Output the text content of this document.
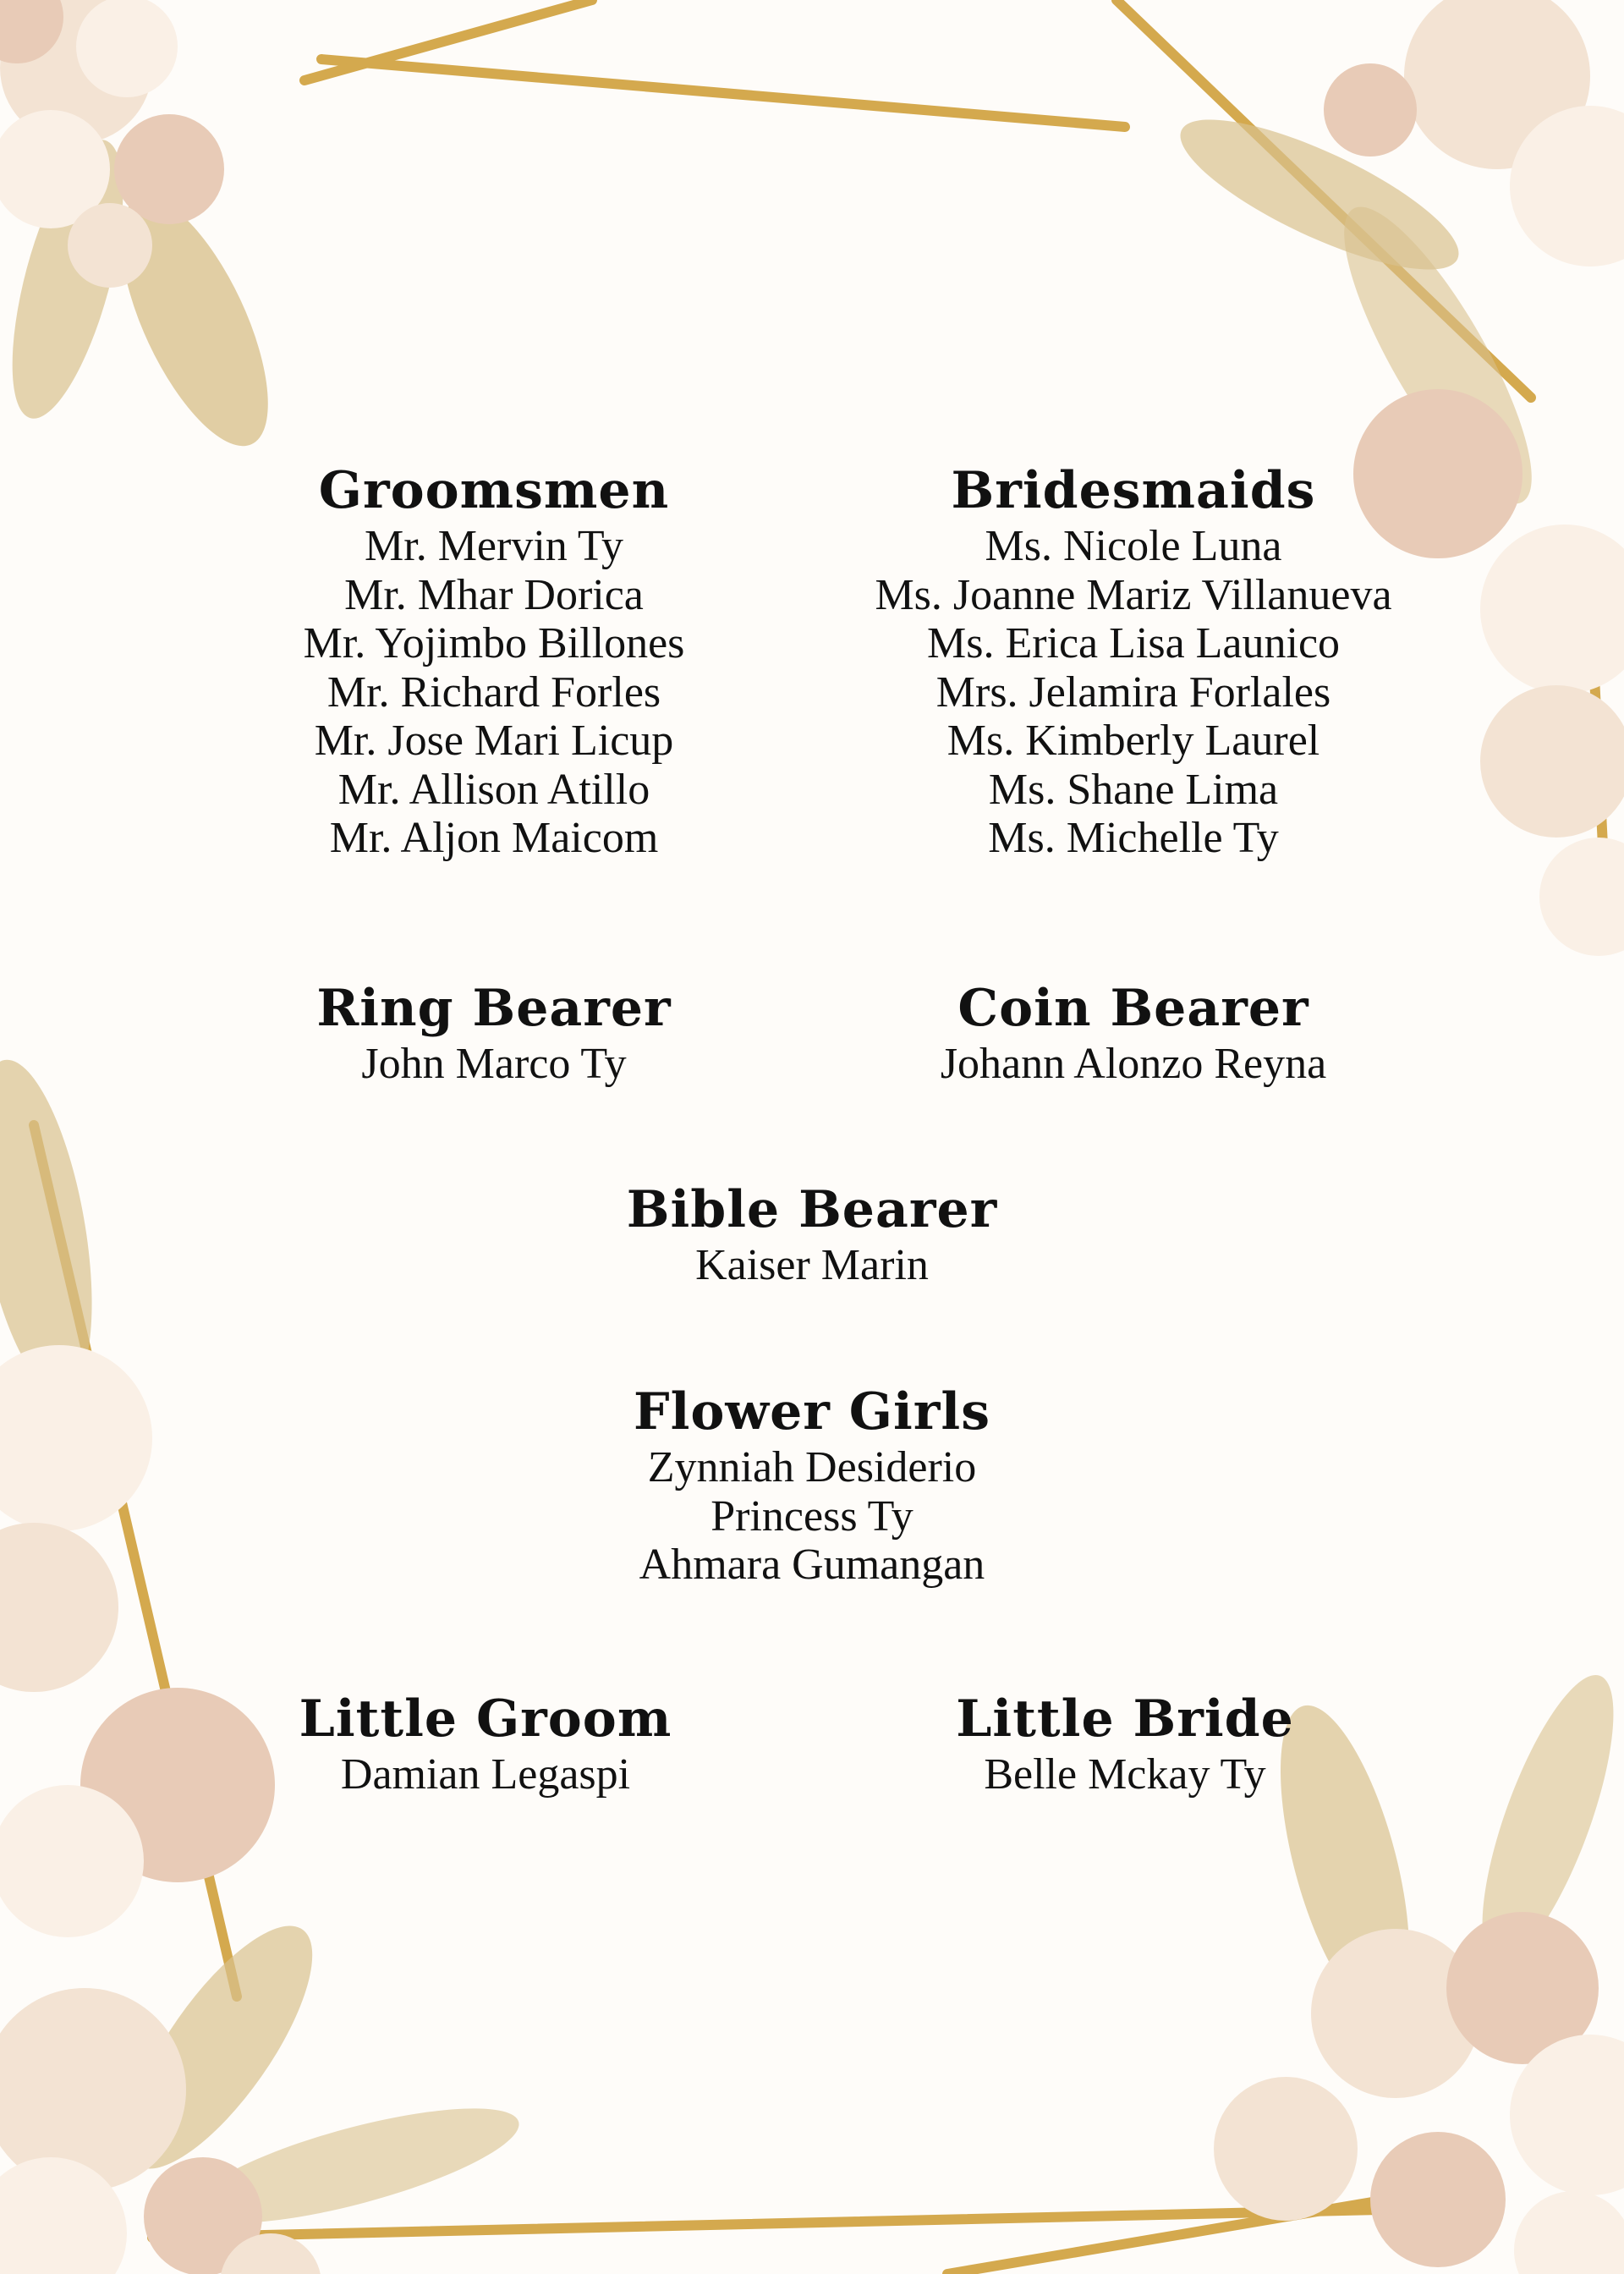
Groomsmen
Mr. Mervin Ty
Mr. Mhar Dorica
Mr. Yojimbo Billones
Mr. Richard Forles
Mr. Jose Mari Licup
Mr. Allison Atillo
Mr. Aljon Maicom
Bridesmaids
Ms. Nicole Luna
Ms. Joanne Mariz Villanueva
Ms. Erica Lisa Launico
Mrs. Jelamira Forlales
Ms. Kimberly Laurel
Ms. Shane Lima
Ms. Michelle Ty
Ring Bearer
John Marco Ty
Coin Bearer
Johann Alonzo Reyna
Bible Bearer
Kaiser Marin
Flower Girls
Zynniah Desiderio
Princess Ty
Ahmara Gumangan
Little Groom
Damian Legaspi
Little Bride
Belle Mckay Ty
